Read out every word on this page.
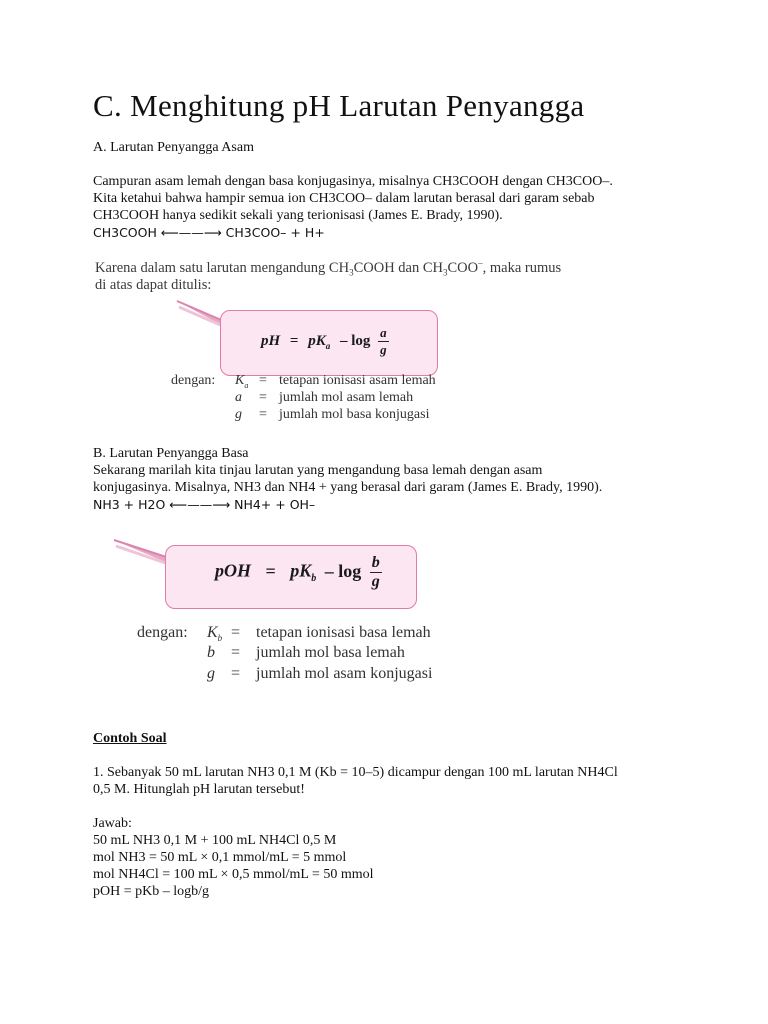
C. Menghitung pH Larutan Penyangga

A. Larutan Penyangga Asam

Campuran asam lemah dengan basa konjugasinya, misalnya CH3COOH dengan CH3COO–.

Kita ketahui bahwa hampir semua ion CH3COO– dalam larutan berasal dari garam sebab

CH3COOH hanya sedikit sekali yang terionisasi (James E. Brady, 1990).

CH3COOH ⟵——⟶ CH3COO– + H+

Karena dalam satu larutan mengandung $CH_3COOH$ dan $CH_3COO^-$, maka rumus
di atas dapat ditulis:
pH = $pK_a$ – $\log \frac{a}{g}$
dengan: $K_a$ = tetapan ionisasi asam lemah
a = jumlah mol asam lemah
g = jumlah mol basa konjugasi

B. Larutan Penyangga Basa

Sekarang marilah kita tinjau larutan yang mengandung basa lemah dengan asam

konjugasinya. Misalnya, NH3 dan NH4 + yang berasal dari garam (James E. Brady, 1990).

NH3 + H2O ⟵——⟶ NH4+ + OH–

pOH = $pK_b$ – $\log \frac{b}{g}$
dengan: $K_b$ = tetapan ionisasi basa lemah
b = jumlah mol basa lemah
g = jumlah mol asam konjugasi

Contoh Soal

1. Sebanyak 50 mL larutan NH3 0,1 M (Kb = 10–5) dicampur dengan 100 mL larutan NH4Cl

0,5 M. Hitunglah pH larutan tersebut!

Jawab:

50 mL NH3 0,1 M + 100 mL NH4Cl 0,5 M

mol NH3 = 50 mL × 0,1 mmol/mL = 5 mmol

mol NH4Cl = 100 mL × 0,5 mmol/mL = 50 mmol

pOH = pKb – logb/g
